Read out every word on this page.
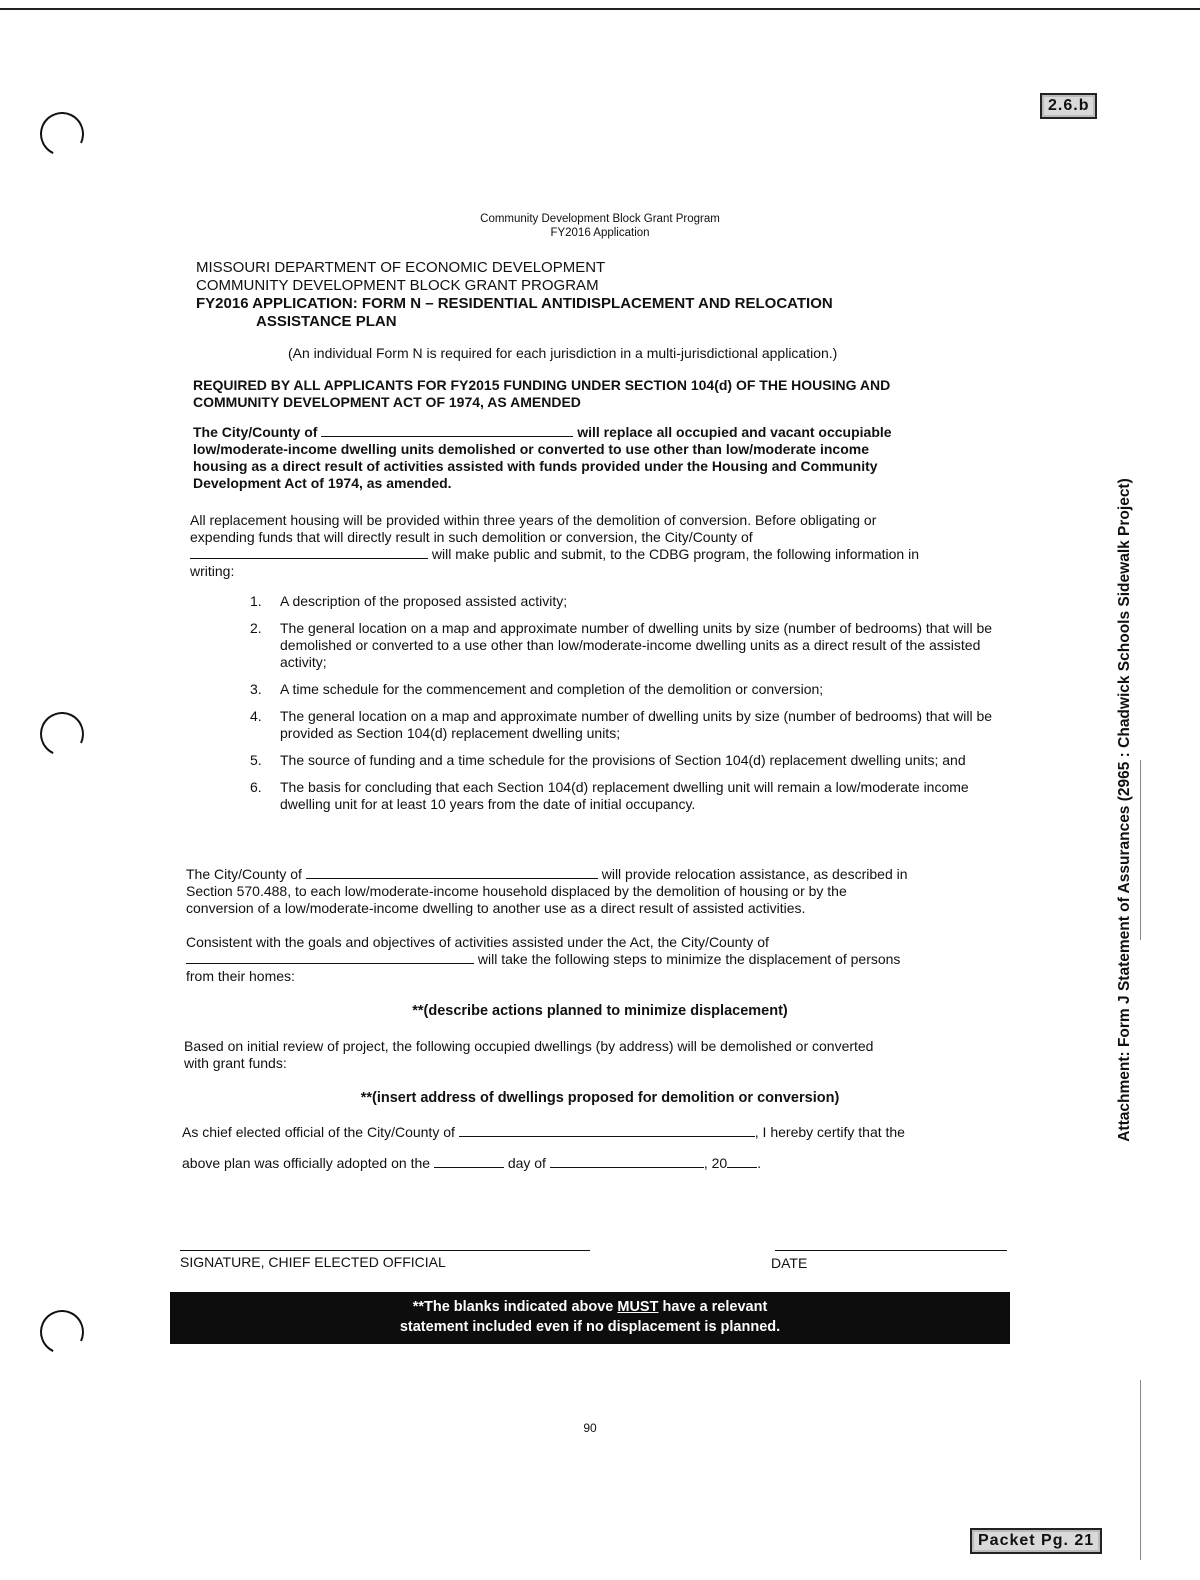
2.6.b
Packet Pg. 21
Attachment: Form J Statement of Assurances (2965 : Chadwick Schools Sidewalk Project)
Community Development Block Grant Program
FY2016 Application
MISSOURI DEPARTMENT OF ECONOMIC DEVELOPMENT
COMMUNITY DEVELOPMENT BLOCK GRANT PROGRAM
FY2016 APPLICATION: FORM N – RESIDENTIAL ANTIDISPLACEMENT AND RELOCATION
ASSISTANCE PLAN
(An individual Form N is required for each jurisdiction in a multi-jurisdictional application.)
REQUIRED BY ALL APPLICANTS FOR FY2015 FUNDING UNDER SECTION 104(d) OF THE HOUSING AND
COMMUNITY DEVELOPMENT ACT OF 1974, AS AMENDED
The City/County of	will replace all occupied and vacant occupiable
low/moderate-income dwelling units demolished or converted to use other than low/moderate income
housing as a direct result of activities assisted with funds provided under the Housing and Community
Development Act of 1974, as amended.
All replacement housing will be provided within three years of the demolition of conversion. Before obligating or
expending funds that will directly result in such demolition or conversion, the City/County of
will make public and submit, to the CDBG program, the following information in
writing:
1. A description of the proposed assisted activity;
2. The general location on a map and approximate number of dwelling units by size (number of bedrooms) that will be demolished or converted to a use other than low/moderate-income dwelling units as a direct result of the assisted activity;
3. A time schedule for the commencement and completion of the demolition or conversion;
4. The general location on a map and approximate number of dwelling units by size (number of bedrooms) that will be provided as Section 104(d) replacement dwelling units;
5. The source of funding and a time schedule for the provisions of Section 104(d) replacement dwelling units; and
6. The basis for concluding that each Section 104(d) replacement dwelling unit will remain a low/moderate income dwelling unit for at least 10 years from the date of initial occupancy.
The City/County of	will provide relocation assistance, as described in
Section 570.488, to each low/moderate-income household displaced by the demolition of housing or by the
conversion of a low/moderate-income dwelling to another use as a direct result of assisted activities.
Consistent with the goals and objectives of activities assisted under the Act, the City/County of
will take the following steps to minimize the displacement of persons
from their homes:
**(describe actions planned to minimize displacement)
Based on initial review of project, the following occupied dwellings (by address) will be demolished or converted
with grant funds:
**(insert address of dwellings proposed for demolition or conversion)
As chief elected official of the City/County of	, I hereby certify that the
above plan was officially adopted on the	day of	, 20 .
SIGNATURE, CHIEF ELECTED OFFICIAL	DATE
**The blanks indicated above MUST have a relevant
statement included even if no displacement is planned.
90
